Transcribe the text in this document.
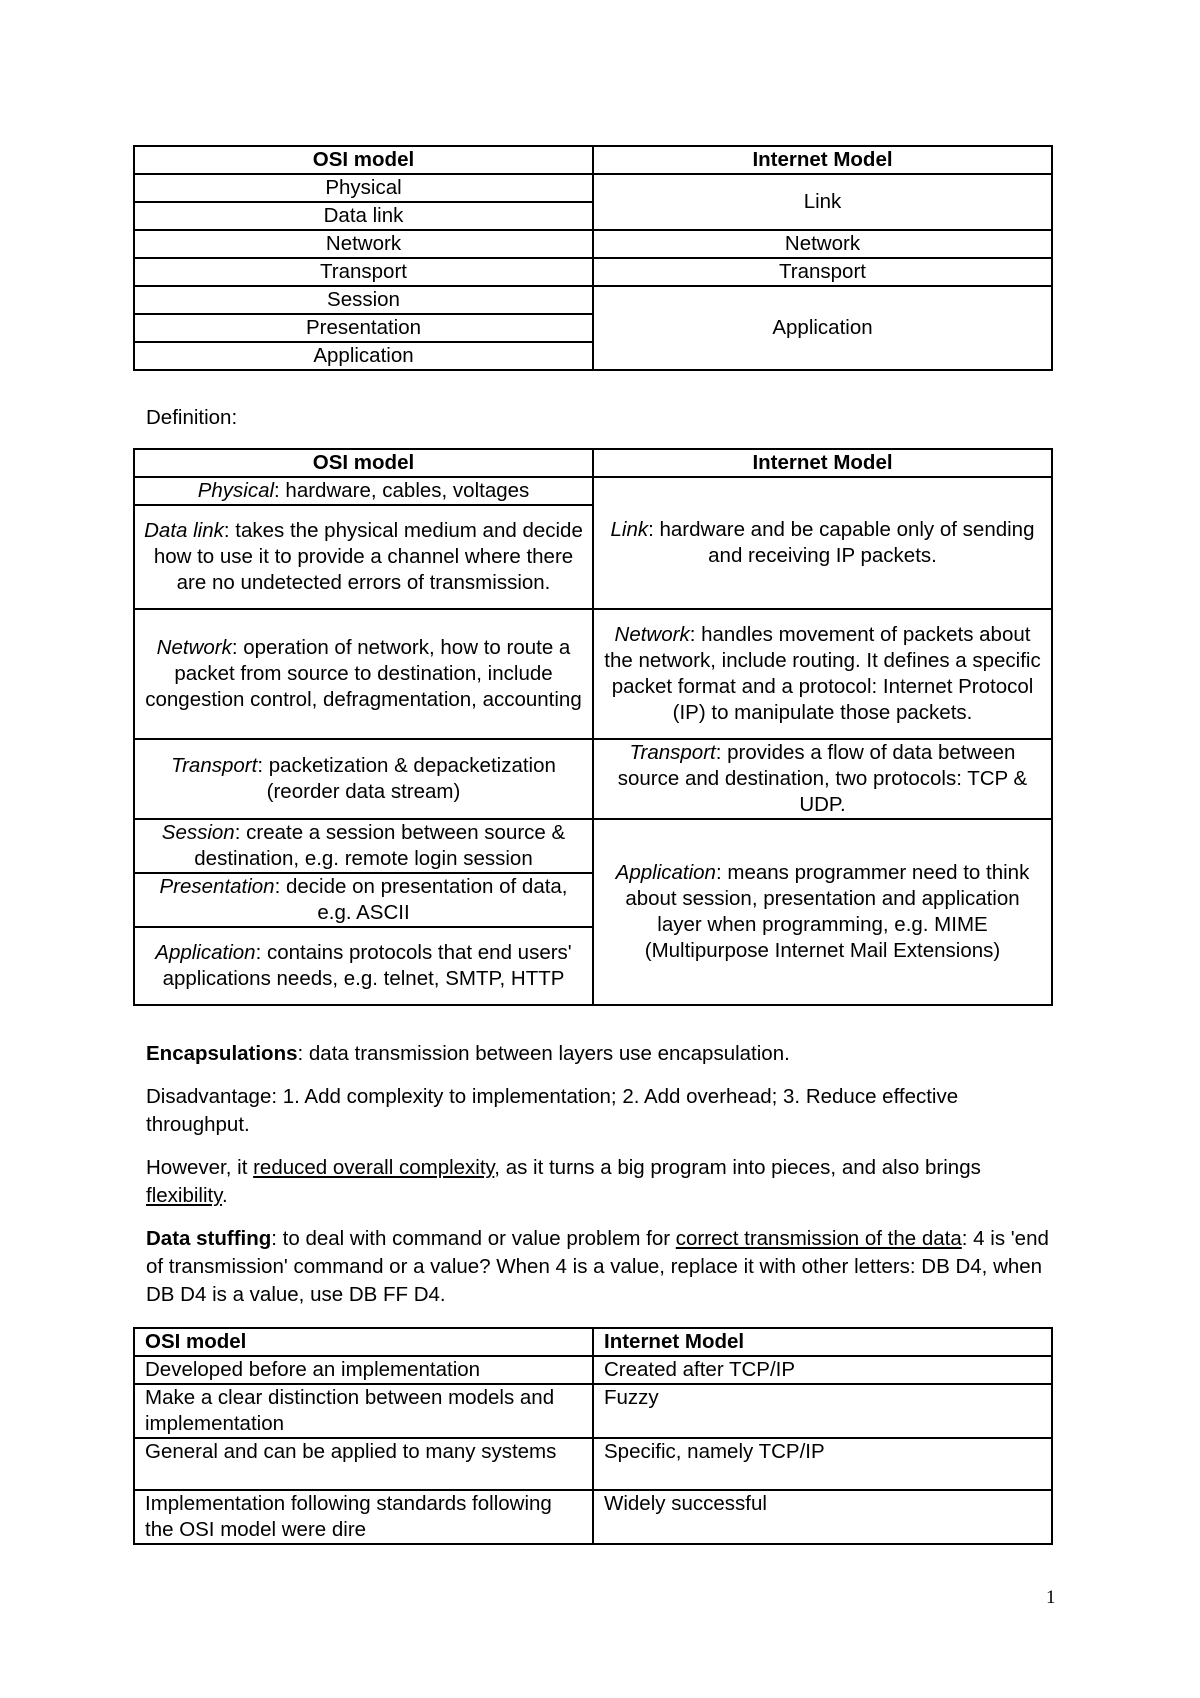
OSI model	Internet Model
Physical	Link
Data link	
Network	Network
Transport	Transport
Session	Application
Presentation	
Application	

Definition:

OSI model	Internet Model
Physical: hardware, cables, voltages	Link: hardware and be capable only of sending and receiving IP packets.
Data link: takes the physical medium and decide how to use it to provide a channel where there are no undetected errors of transmission.	
Network: operation of network, how to route a packet from source to destination, include congestion control, defragmentation, accounting	Network: handles movement of packets about the network, include routing. It defines a specific packet format and a protocol: Internet Protocol (IP) to manipulate those packets.
Transport: packetization & depacketization (reorder data stream)	Transport: provides a flow of data between source and destination, two protocols: TCP & UDP.
Session: create a session between source & destination, e.g. remote login session	Application: means programmer need to think about session, presentation and application layer when programming, e.g. MIME (Multipurpose Internet Mail Extensions)
Presentation: decide on presentation of data, e.g. ASCII	
Application: contains protocols that end users' applications needs, e.g. telnet, SMTP, HTTP	

Encapsulations: data transmission between layers use encapsulation.

Disadvantage: 1. Add complexity to implementation; 2. Add overhead; 3. Reduce effective throughput.

However, it reduced overall complexity, as it turns a big program into pieces, and also brings flexibility.

Data stuffing: to deal with command or value problem for correct transmission of the data: 4 is 'end of transmission' command or a value? When 4 is a value, replace it with other letters: DB D4, when DB D4 is a value, use DB FF D4.

OSI model	Internet Model
Developed before an implementation	Created after TCP/IP
Make a clear distinction between models and implementation	Fuzzy
General and can be applied to many systems	Specific, namely TCP/IP
Implementation following standards following the OSI model were dire	Widely successful
1
